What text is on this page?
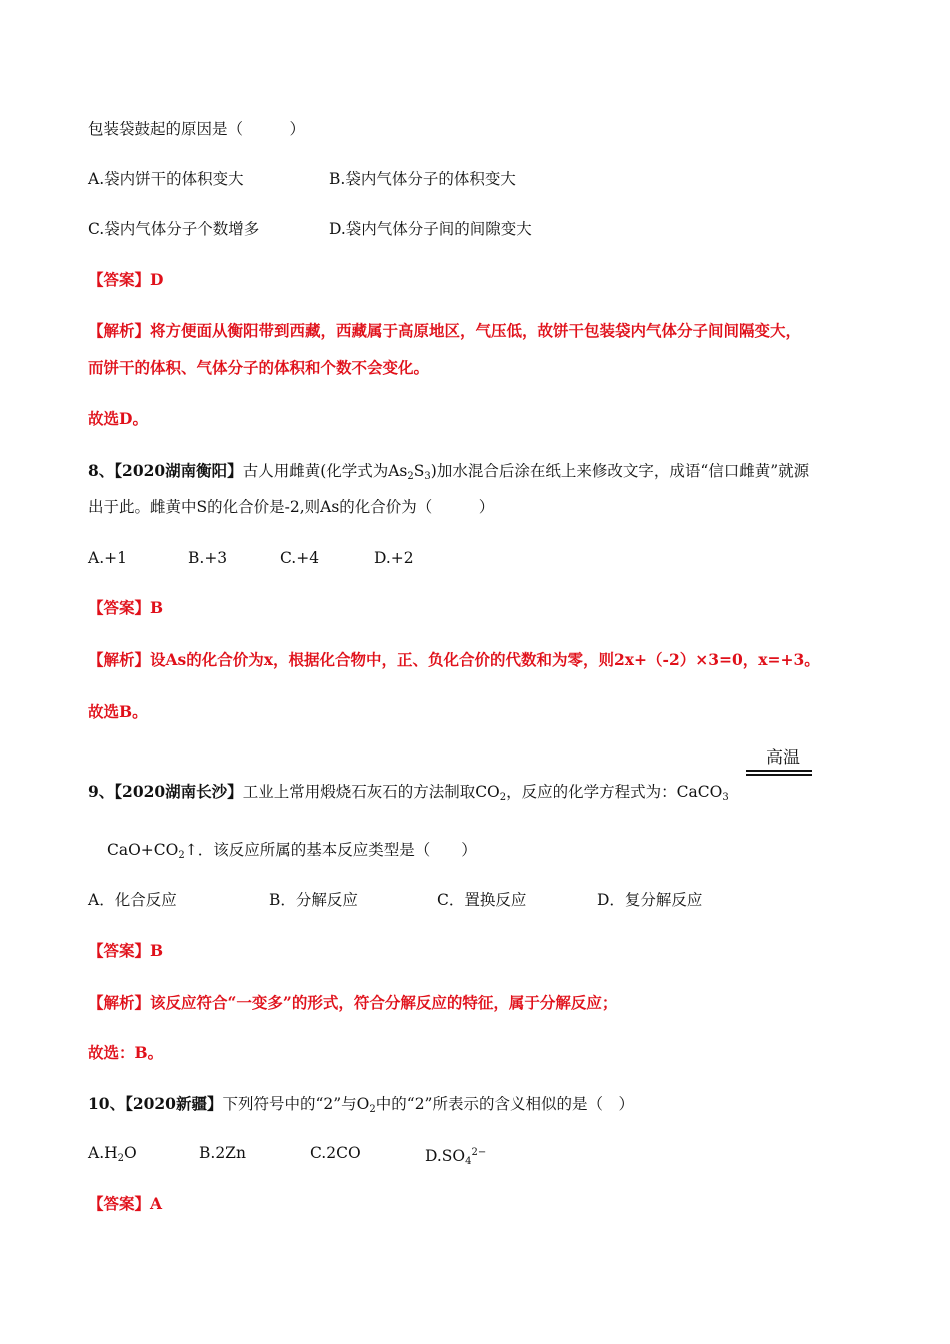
包装袋鼓起的原因是（　　　）
A.袋内饼干的体积变大	B.袋内气体分子的体积变大
C.袋内气体分子个数增多	D.袋内气体分子间的间隙变大
【答案】D
【解析】将方便面从衡阳带到西藏，西藏属于高原地区，气压低，故饼干包装袋内气体分子间间隔变大，
而饼干的体积、气体分子的体积和个数不会变化。
故选D。
8、【2020湖南衡阳】古人用雌黄(化学式为$As_2S_3$)加水混合后涂在纸上来修改文字，成语“信口雌黄”就源
出于此。雌黄中S的化合价是-2,则As的化合价为（　　　）
A.+1	B.+3	C.+4	D.+2
【答案】B
【解析】设As的化合价为x，根据化合物中，正、负化合价的代数和为零，则2x+（-2）×3=0，x=+3。
故选B。
高温
9、【2020湖南长沙】工业上常用煅烧石灰石的方法制取$CO_2$，反应的化学方程式为：CaCO$_3$
$CaO+CO_2↑$．该反应所属的基本反应类型是（　　）
A．化合反应	B．分解反应	C．置换反应	D．复分解反应
【答案】B
【解析】该反应符合“一变多”的形式，符合分解反应的特征，属于分解反应；
故选：B。
10、【2020新疆】下列符号中的“2”与$O_2$中的“2”所表示的含义相似的是（　）
$A.H_2O$	B.2Zn	C.2CO	$D.SO_4^{2-}$
【答案】A
